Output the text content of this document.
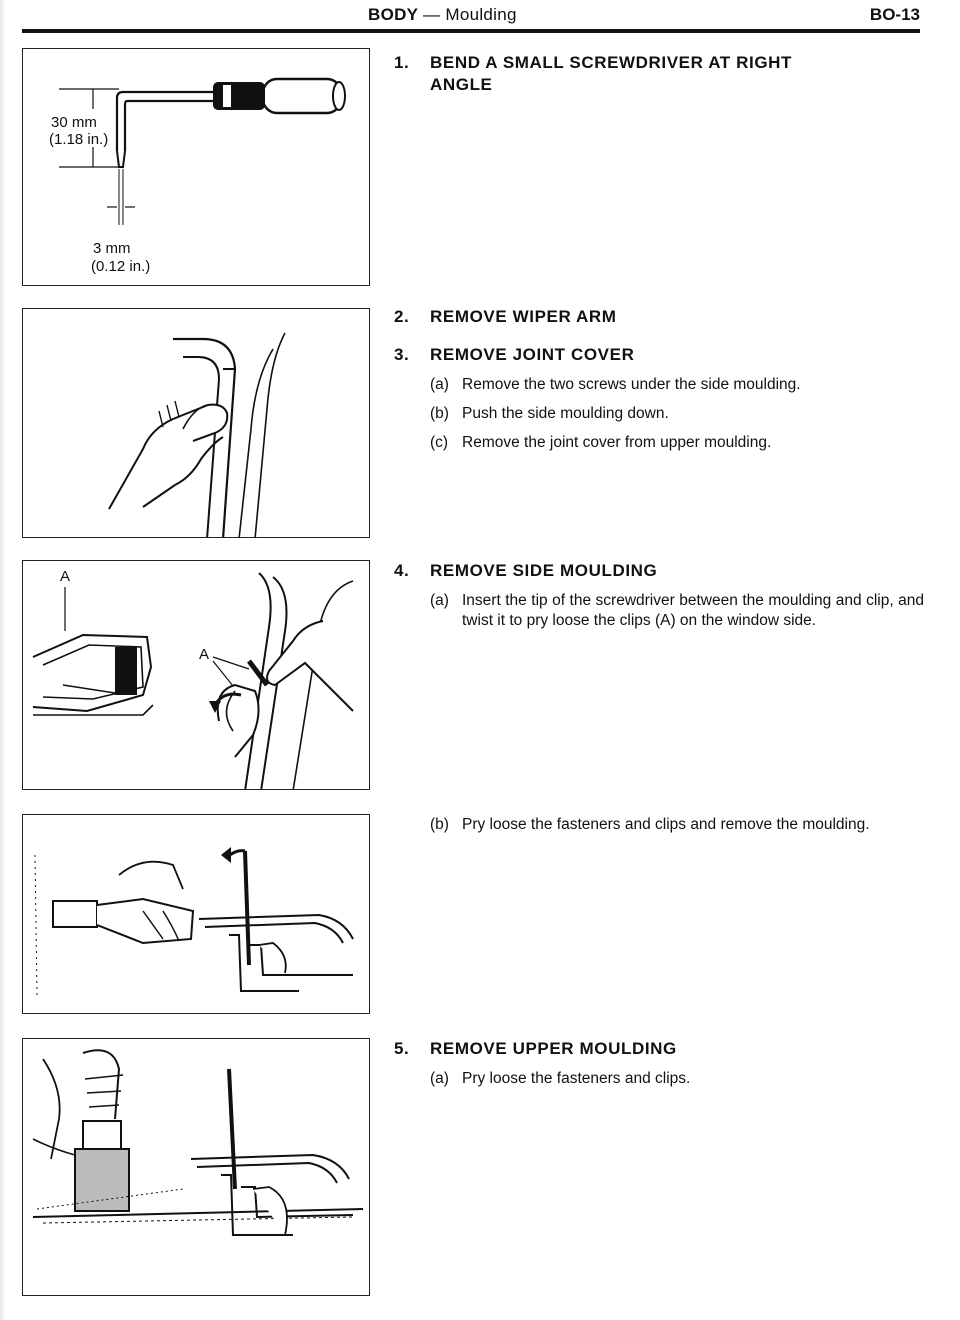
BODY — Moulding	BO-13
30 mm
(1.18 in.)
3 mm
(0.12 in.)
A
A
1.	BEND A SMALL SCREWDRIVER AT RIGHT
ANGLE
2.	REMOVE WIPER ARM
3.	REMOVE JOINT COVER
(a) Remove the two screws under the side moulding.
(b) Push the side moulding down.
(c) Remove the joint cover from upper moulding.
4.	REMOVE SIDE MOULDING
(a) Insert the tip of the screwdriver between the moulding and clip, and twist it to pry loose the clips (A) on the window side.
(b) Pry loose the fasteners and clips and remove the moulding.
5.	REMOVE UPPER MOULDING
(a) Pry loose the fasteners and clips.
